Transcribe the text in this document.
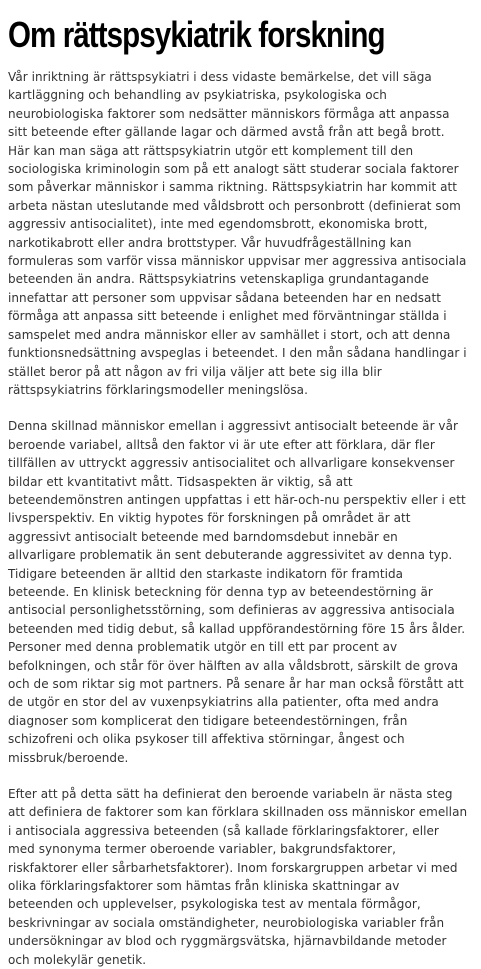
Om rättspsykiatrik forskning

Vår inriktning är rättspsykiatri i dess vidaste bemärkelse, det vill säga kartläggning och behandling av psykiatriska, psykologiska och neurobiologiska faktorer som nedsätter människors förmåga att anpassa sitt beteende efter gällande lagar och därmed avstå från att begå brott. Här kan man säga att rättspsykiatrin utgör ett komplement till den sociologiska kriminologin som på ett analogt sätt studerar sociala faktorer som påverkar människor i samma riktning. Rättspsykiatrin har kommit att arbeta nästan uteslutande med våldsbrott och personbrott (definierat som aggressiv antisocialitet), inte med egendomsbrott, ekonomiska brott, narkotikabrott eller andra brottstyper. Vår huvudfrågeställning kan formuleras som varför vissa människor uppvisar mer aggressiva antisociala beteenden än andra. Rättspsykiatrins vetenskapliga grundantagande innefattar att personer som uppvisar sådana beteenden har en nedsatt förmåga att anpassa sitt beteende i enlighet med förväntningar ställda i samspelet med andra människor eller av samhället i stort, och att denna funktionsnedsättning avspeglas i beteendet. I den mån sådana handlingar i stället beror på att någon av fri vilja väljer att bete sig illa blir rättspsykiatrins förklaringsmodeller meningslösa.

Denna skillnad människor emellan i aggressivt antisocialt beteende är vår beroende variabel, alltså den faktor vi är ute efter att förklara, där fler tillfällen av uttryckt aggressiv antisocialitet och allvarligare konsekvenser bildar ett kvantitativt mått. Tidsaspekten är viktig, så att beteendemönstren antingen uppfattas i ett här-och-nu perspektiv eller i ett livsperspektiv. En viktig hypotes för forskningen på området är att aggressivt antisocialt beteende med barndomsdebut innebär en allvarligare problematik än sent debuterande aggressivitet av denna typ. Tidigare beteenden är alltid den starkaste indikatorn för framtida beteende. En klinisk beteckning för denna typ av beteendestörning är antisocial personlighetsstörning, som definieras av aggressiva antisociala beteenden med tidig debut, så kallad uppförandestörning före 15 års ålder. Personer med denna problematik utgör en till ett par procent av befolkningen, och står för över hälften av alla våldsbrott, särskilt de grova och de som riktar sig mot partners. På senare år har man också förstått att de utgör en stor del av vuxenpsykiatrins alla patienter, ofta med andra diagnoser som komplicerat den tidigare beteendestörningen, från schizofreni och olika psykoser till affektiva störningar, ångest och missbruk/beroende.

Efter att på detta sätt ha definierat den beroende variabeln är nästa steg att definiera de faktorer som kan förklara skillnaden oss människor emellan i antisociala aggressiva beteenden (så kallade förklaringsfaktorer, eller med synonyma termer oberoende variabler, bakgrundsfaktorer, riskfaktorer eller sårbarhetsfaktorer). Inom forskargruppen arbetar vi med olika förklaringsfaktorer som hämtas från kliniska skattningar av beteenden och upplevelser, psykologiska test av mentala förmågor, beskrivningar av sociala omständigheter, neurobiologiska variabler från undersökningar av blod och ryggmärgsvätska, hjärnavbildande metoder och molekylär genetik.
